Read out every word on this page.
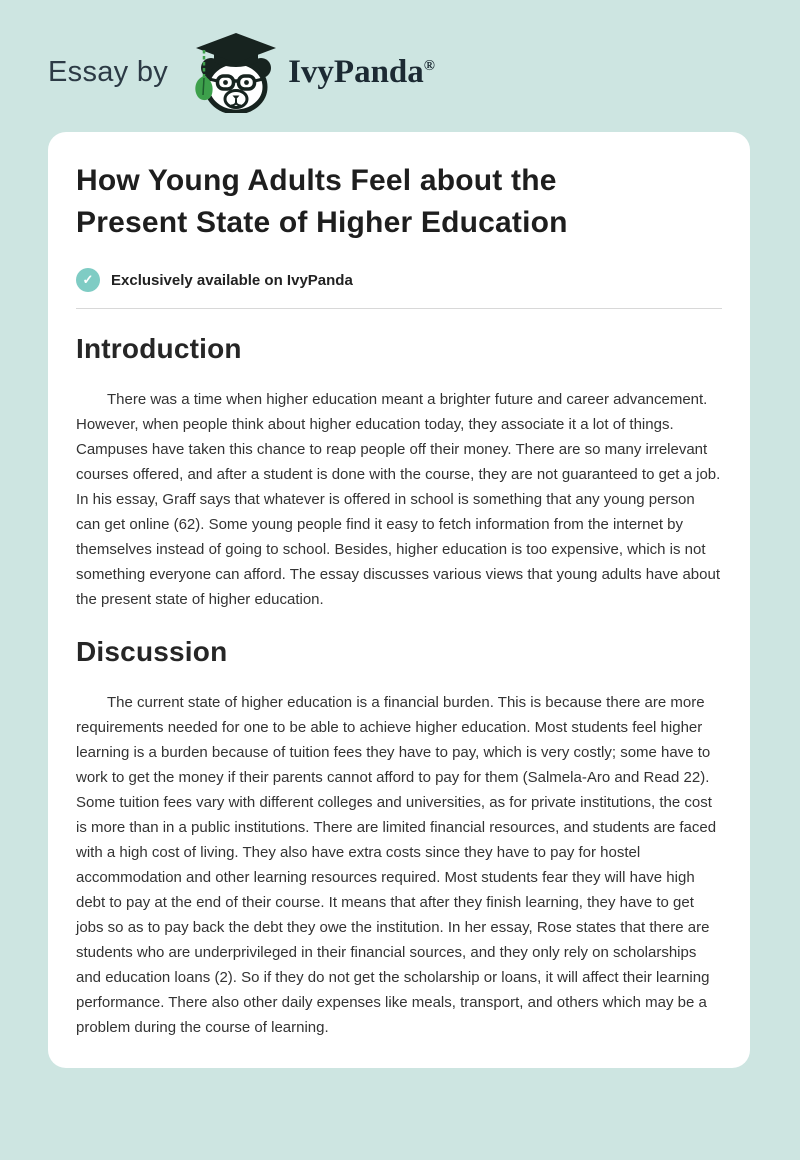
Essay by	IvyPanda®
How Young Adults Feel about the Present State of Higher Education
✓	Exclusively available on IvyPanda
Introduction

There was a time when higher education meant a brighter future and career advancement. However, when people think about higher education today, they associate it a lot of things. Campuses have taken this chance to reap people off their money. There are so many irrelevant courses offered, and after a student is done with the course, they are not guaranteed to get a job. In his essay, Graff says that whatever is offered in school is something that any young person can get online (62). Some young people find it easy to fetch information from the internet by themselves instead of going to school. Besides, higher education is too expensive, which is not something everyone can afford. The essay discusses various views that young adults have about the present state of higher education.

Discussion

The current state of higher education is a financial burden. This is because there are more requirements needed for one to be able to achieve higher education. Most students feel higher learning is a burden because of tuition fees they have to pay, which is very costly; some have to work to get the money if their parents cannot afford to pay for them (Salmela-Aro and Read 22). Some tuition fees vary with different colleges and universities, as for private institutions, the cost is more than in a public institutions. There are limited financial resources, and students are faced with a high cost of living. They also have extra costs since they have to pay for hostel accommodation and other learning resources required. Most students fear they will have high debt to pay at the end of their course. It means that after they finish learning, they have to get jobs so as to pay back the debt they owe the institution. In her essay, Rose states that there are students who are underprivileged in their financial sources, and they only rely on scholarships and education loans (2). So if they do not get the scholarship or loans, it will affect their learning performance. There also other daily expenses like meals, transport, and others which may be a problem during the course of learning.
